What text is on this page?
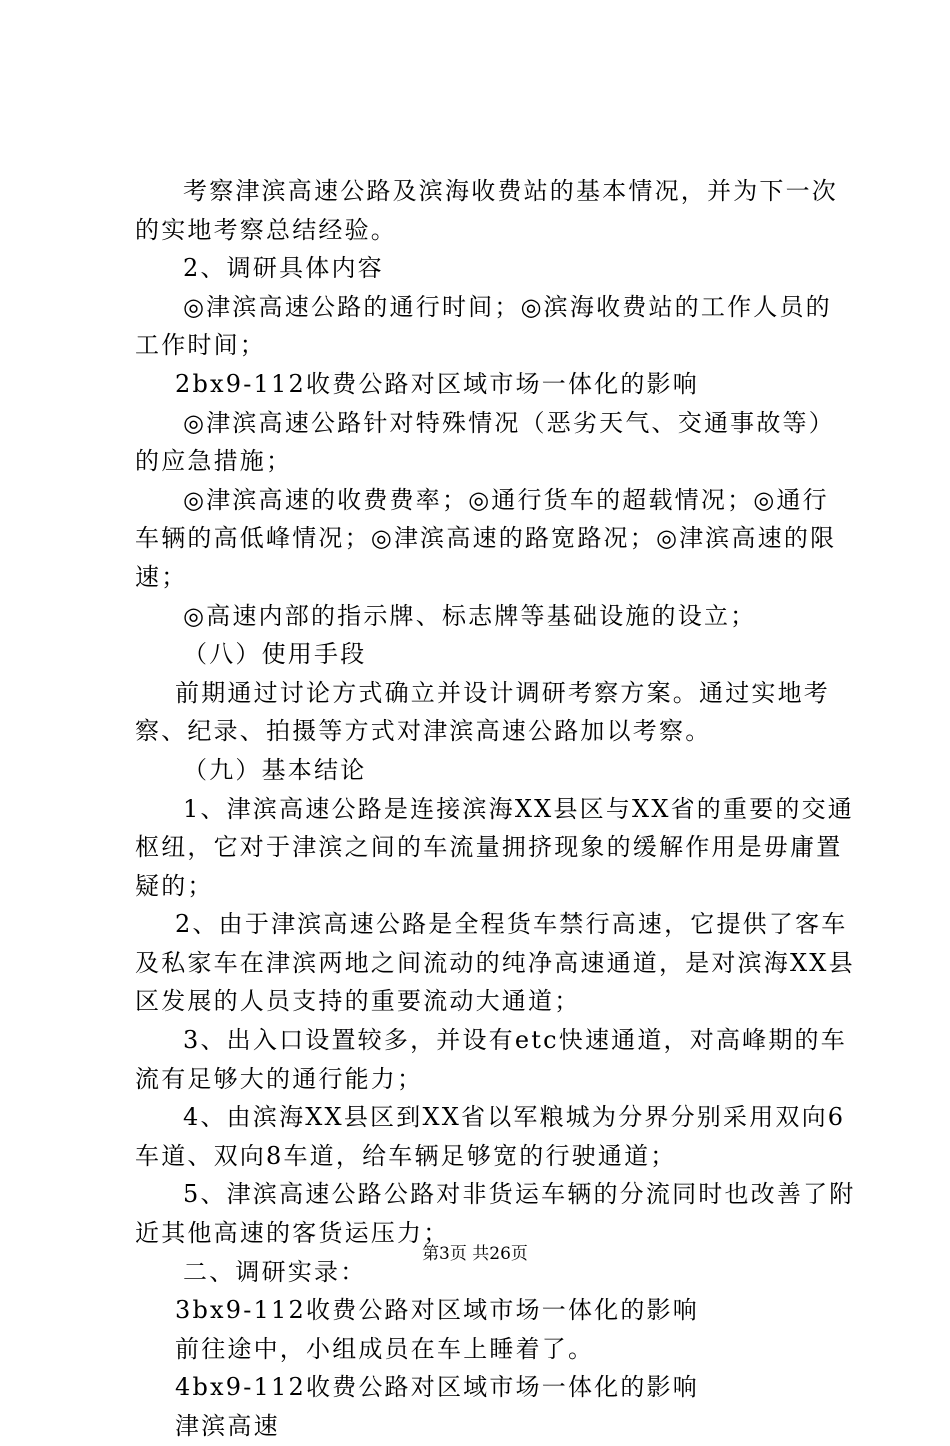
考察津滨高速公路及滨海收费站的基本情况，并为下一次
的实地考察总结经验。
2、调研具体内容
◎津滨高速公路的通行时间；◎滨海收费站的工作人员的
工作时间；
2bx9-112收费公路对区域市场一体化的影响
◎津滨高速公路针对特殊情况（恶劣天气、交通事故等）
的应急措施；
◎津滨高速的收费费率；◎通行货车的超载情况；◎通行
车辆的高低峰情况；◎津滨高速的路宽路况；◎津滨高速的限
速；
◎高速内部的指示牌、标志牌等基础设施的设立；
（八）使用手段
前期通过讨论方式确立并设计调研考察方案。通过实地考
察、纪录、拍摄等方式对津滨高速公路加以考察。
（九）基本结论
1、津滨高速公路是连接滨海XX县区与XX省的重要的交通
枢纽，它对于津滨之间的车流量拥挤现象的缓解作用是毋庸置
疑的；
2、由于津滨高速公路是全程货车禁行高速，它提供了客车
及私家车在津滨两地之间流动的纯净高速通道，是对滨海XX县
区发展的人员支持的重要流动大通道；
3、出入口设置较多，并设有etc快速通道，对高峰期的车
流有足够大的通行能力；
4、由滨海XX县区到XX省以军粮城为分界分别采用双向6
车道、双向8车道，给车辆足够宽的行驶通道；
5、津滨高速公路公路对非货运车辆的分流同时也改善了附
近其他高速的客货运压力；
二、调研实录：
3bx9-112收费公路对区域市场一体化的影响
前往途中，小组成员在车上睡着了。
4bx9-112收费公路对区域市场一体化的影响
津滨高速
第3页 共26页
